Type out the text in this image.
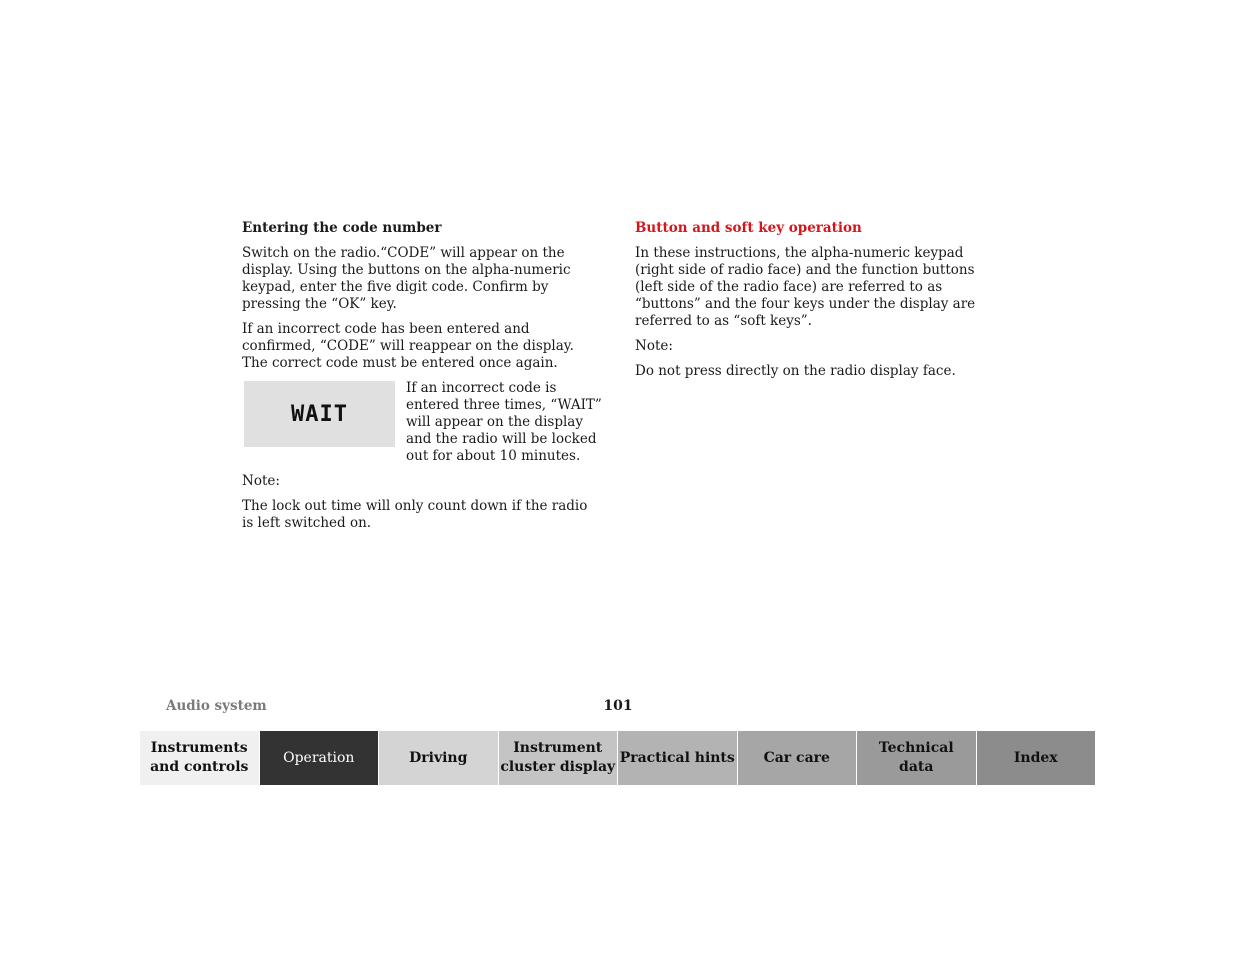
Entering the code number

Switch on the radio.“CODE” will appear on the display. Using the buttons on the alpha-numeric keypad, enter the five digit code. Confirm by pressing the “OK” key.

If an incorrect code has been entered and confirmed, “CODE” will reappear on the display. The correct code must be entered once again.

WAIT
If an incorrect code is entered three times, “WAIT” will appear on the display and the radio will be locked out for about 10 minutes.

Note:

The lock out time will only count down if the radio is left switched on.

Button and soft key operation

In these instructions, the alpha-numeric keypad (right side of radio face) and the function buttons (left side of the radio face) are referred to as “buttons” and the four keys under the display are referred to as “soft keys”.

Note:

Do not press directly on the radio display face.

Audio system	101
Instruments
and controls
Operation	Driving
Instrument
cluster display
Practical hints	Car care
Technical
data
Index
